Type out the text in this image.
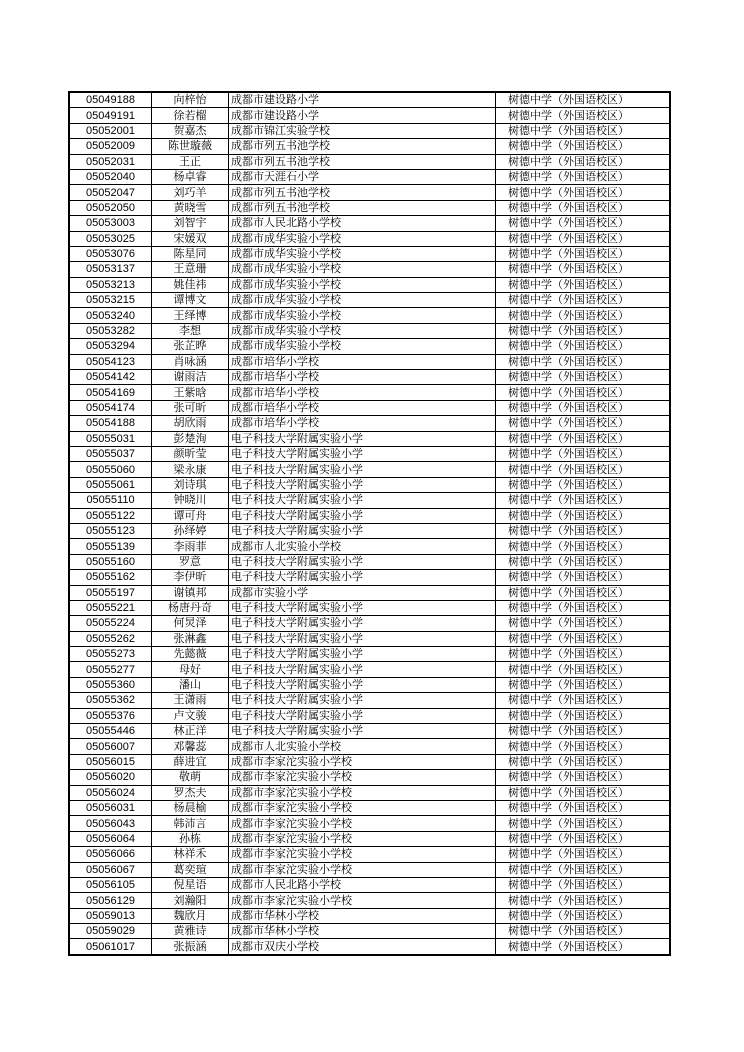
05049188	向梓怡	成都市建设路小学	树德中学（外国语校区）
05049191	徐若榴	成都市建设路小学	树德中学（外国语校区）
05052001	贺嘉杰	成都市锦江实验学校	树德中学（外国语校区）
05052009	陈世璇薇	成都市列五书池学校	树德中学（外国语校区）
05052031	王正	成都市列五书池学校	树德中学（外国语校区）
05052040	杨卓睿	成都市天涯石小学	树德中学（外国语校区）
05052047	刘巧羊	成都市列五书池学校	树德中学（外国语校区）
05052050	黄晓雪	成都市列五书池学校	树德中学（外国语校区）
05053003	刘智宇	成都市人民北路小学校	树德中学（外国语校区）
05053025	宋媛双	成都市成华实验小学校	树德中学（外国语校区）
05053076	陈星同	成都市成华实验小学校	树德中学（外国语校区）
05053137	王意珊	成都市成华实验小学校	树德中学（外国语校区）
05053213	姚佳祎	成都市成华实验小学校	树德中学（外国语校区）
05053215	谭博文	成都市成华实验小学校	树德中学（外国语校区）
05053240	王绎博	成都市成华实验小学校	树德中学（外国语校区）
05053282	李想	成都市成华实验小学校	树德中学（外国语校区）
05053294	张芷晔	成都市成华实验小学校	树德中学（外国语校区）
05054123	肖咏涵	成都市培华小学校	树德中学（外国语校区）
05054142	谢雨洁	成都市培华小学校	树德中学（外国语校区）
05054169	王紫晗	成都市培华小学校	树德中学（外国语校区）
05054174	张可昕	成都市培华小学校	树德中学（外国语校区）
05054188	胡欣雨	成都市培华小学校	树德中学（外国语校区）
05055031	彭楚洵	电子科技大学附属实验小学	树德中学（外国语校区）
05055037	颜昕莹	电子科技大学附属实验小学	树德中学（外国语校区）
05055060	梁永康	电子科技大学附属实验小学	树德中学（外国语校区）
05055061	刘诗琪	电子科技大学附属实验小学	树德中学（外国语校区）
05055110	钟晓川	电子科技大学附属实验小学	树德中学（外国语校区）
05055122	谭可舟	电子科技大学附属实验小学	树德中学（外国语校区）
05055123	孙绎婷	电子科技大学附属实验小学	树德中学（外国语校区）
05055139	李雨菲	成都市人北实验小学校	树德中学（外国语校区）
05055160	罗意	电子科技大学附属实验小学	树德中学（外国语校区）
05055162	李伊昕	电子科技大学附属实验小学	树德中学（外国语校区）
05055197	谢镇邦	成都市实验小学	树德中学（外国语校区）
05055221	杨唐丹奇	电子科技大学附属实验小学	树德中学（外国语校区）
05055224	何炅泽	电子科技大学附属实验小学	树德中学（外国语校区）
05055262	张淋鑫	电子科技大学附属实验小学	树德中学（外国语校区）
05055273	先懿薇	电子科技大学附属实验小学	树德中学（外国语校区）
05055277	母好	电子科技大学附属实验小学	树德中学（外国语校区）
05055360	潘山	电子科技大学附属实验小学	树德中学（外国语校区）
05055362	王潇雨	电子科技大学附属实验小学	树德中学（外国语校区）
05055376	卢文骏	电子科技大学附属实验小学	树德中学（外国语校区）
05055446	林正洋	电子科技大学附属实验小学	树德中学（外国语校区）
05056007	邓馨蕊	成都市人北实验小学校	树德中学（外国语校区）
05056015	薛进宜	成都市李家沱实验小学校	树德中学（外国语校区）
05056020	敬萌	成都市李家沱实验小学校	树德中学（外国语校区）
05056024	罗杰夫	成都市李家沱实验小学校	树德中学（外国语校区）
05056031	杨晨榆	成都市李家沱实验小学校	树德中学（外国语校区）
05056043	韩沛言	成都市李家沱实验小学校	树德中学（外国语校区）
05056064	孙栋	成都市李家沱实验小学校	树德中学（外国语校区）
05056066	林祥禾	成都市李家沱实验小学校	树德中学（外国语校区）
05056067	葛奕瑄	成都市李家沱实验小学校	树德中学（外国语校区）
05056105	倪星语	成都市人民北路小学校	树德中学（外国语校区）
05056129	刘瀚阳	成都市李家沱实验小学校	树德中学（外国语校区）
05059013	魏欣月	成都市华林小学校	树德中学（外国语校区）
05059029	黄雅诗	成都市华林小学校	树德中学（外国语校区）
05061017	张振涵	成都市双庆小学校	树德中学（外国语校区）
